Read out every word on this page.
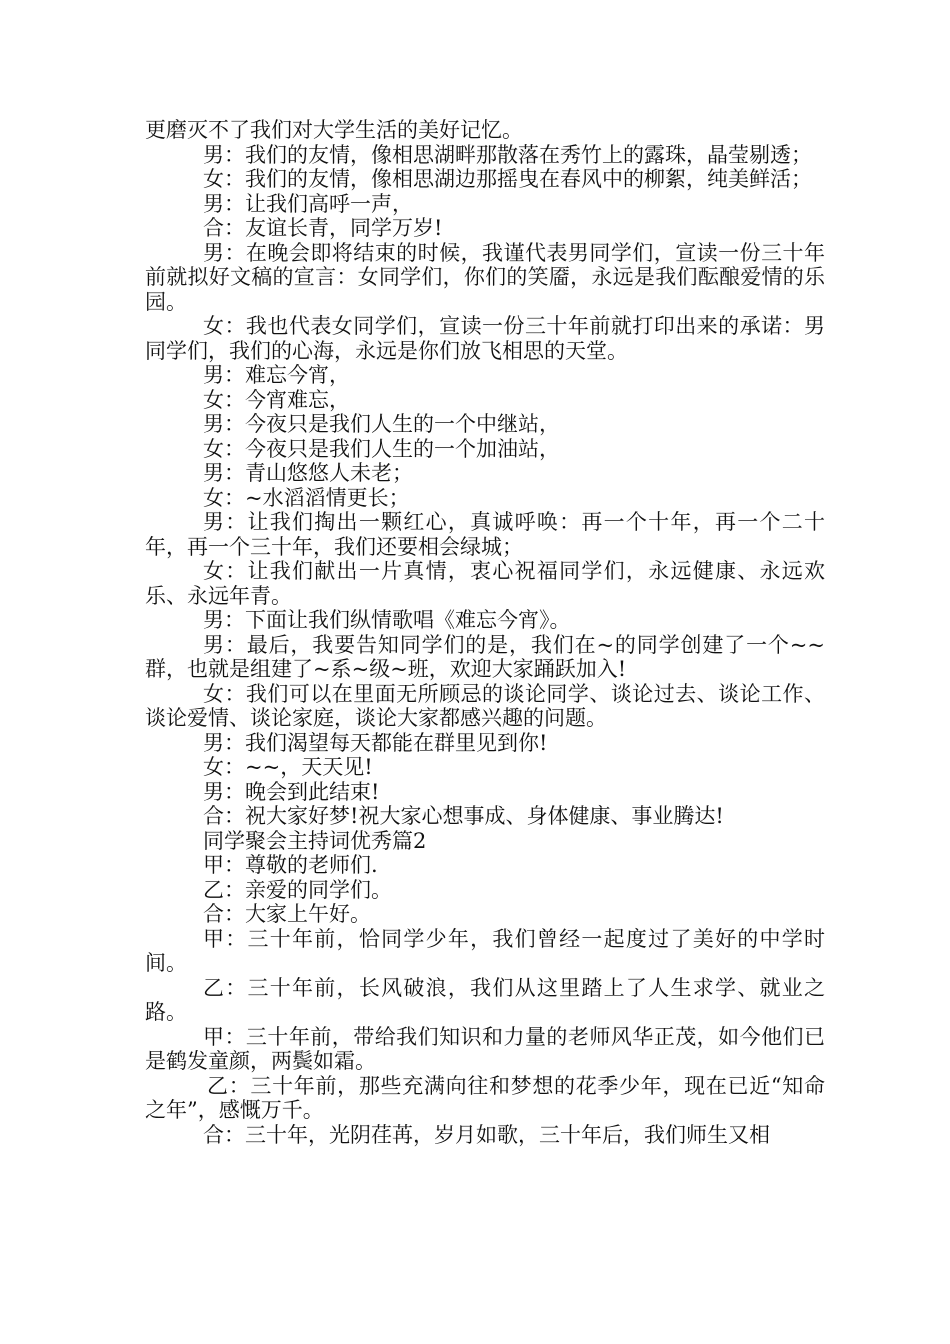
更磨灭不了我们对大学生活的美好记忆。

男：我们的友情，像相思湖畔那散落在秀竹上的露珠，晶莹剔透；

女：我们的友情，像相思湖边那摇曳在春风中的柳絮，纯美鲜活；

男：让我们高呼一声，

合：友谊长青，同学万岁!

男：在晚会即将结束的时候，我谨代表男同学们，宣读一份三十年前就拟好文稿的宣言：女同学们，你们的笑靥，永远是我们酝酿爱情的乐园。

女：我也代表女同学们，宣读一份三十年前就打印出来的承诺：男同学们，我们的心海，永远是你们放飞相思的天堂。

男：难忘今宵，

女：今宵难忘，

男：今夜只是我们人生的一个中继站，

女：今夜只是我们人生的一个加油站，

男：青山悠悠人未老；

女：~水滔滔情更长；

男：让我们掏出一颗红心，真诚呼唤：再一个十年，再一个二十年，再一个三十年，我们还要相会绿城；

女：让我们献出一片真情，衷心祝福同学们，永远健康、永远欢乐、永远年青。

男：下面让我们纵情歌唱《难忘今宵》。

男：最后，我要告知同学们的是，我们在~的同学创建了一个~~群，也就是组建了~系~级~班，欢迎大家踊跃加入!

女：我们可以在里面无所顾忌的谈论同学、谈论过去、谈论工作、谈论爱情、谈论家庭，谈论大家都感兴趣的问题。

男：我们渴望每天都能在群里见到你!

女：~~，天天见!

男：晚会到此结束!

合：祝大家好梦!祝大家心想事成、身体健康、事业腾达!

同学聚会主持词优秀篇2

甲：尊敬的老师们.

乙：亲爱的同学们。

合：大家上午好。

甲：三十年前，恰同学少年，我们曾经一起度过了美好的中学时间。

乙：三十年前，长风破浪，我们从这里踏上了人生求学、就业之路。

甲：三十年前，带给我们知识和力量的老师风华正茂，如今他们已是鹤发童颜，两鬓如霜。

乙：三十年前，那些充满向往和梦想的花季少年，现在已近“知命之年”，感慨万千。

合：三十年，光阴荏苒，岁月如歌，三十年后，我们师生又相
